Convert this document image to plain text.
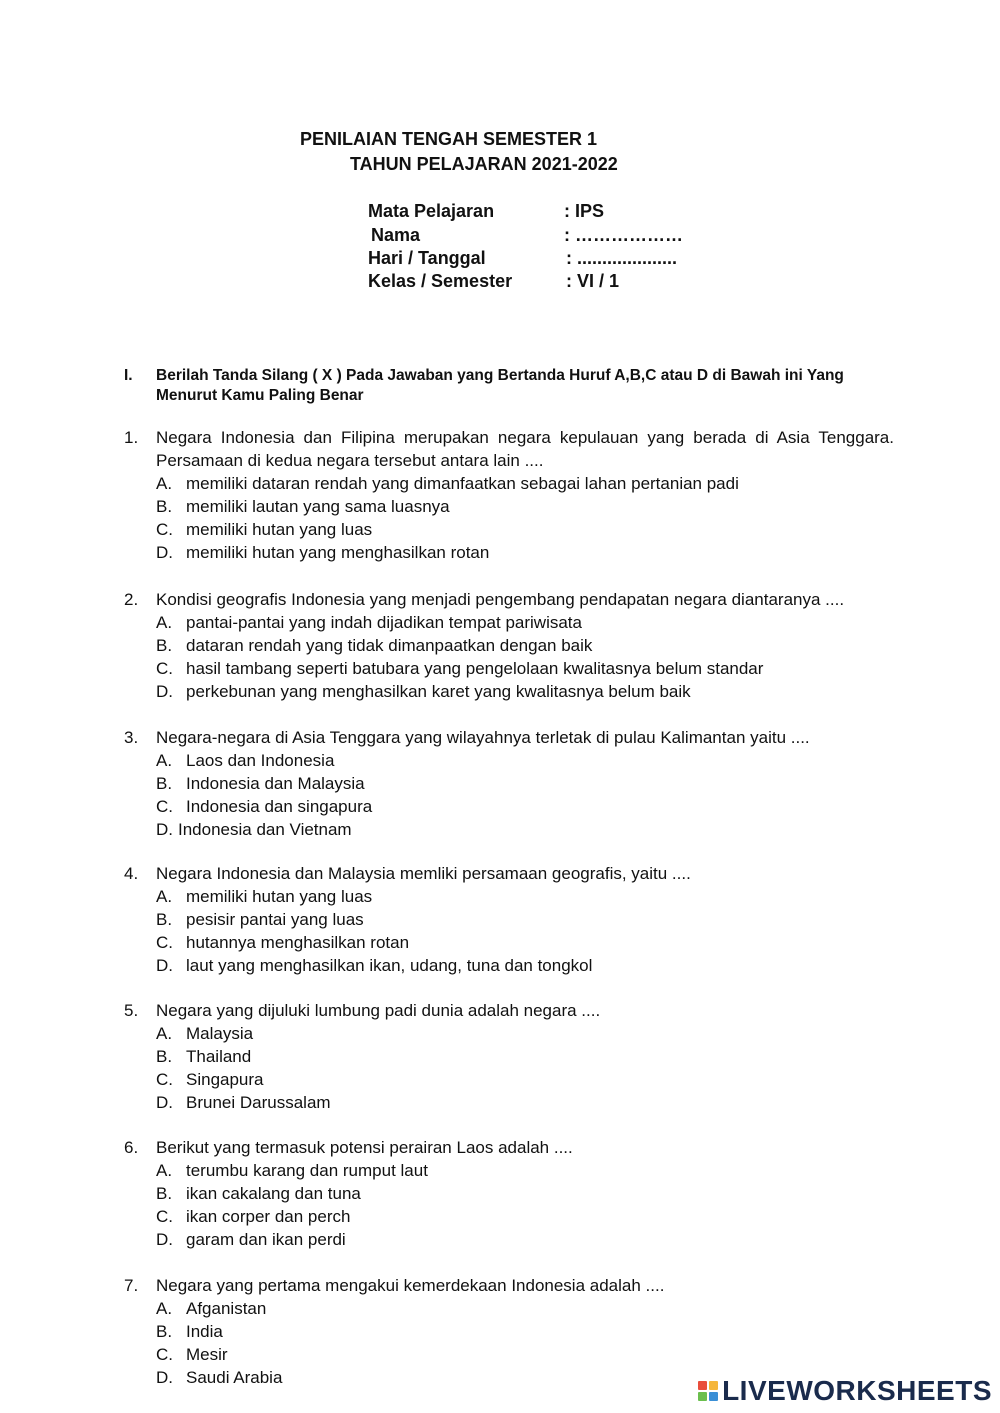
PENILAIAN TENGAH SEMESTER 1
TAHUN PELAJARAN 2021-2022
Mata Pelajaran	: IPS
Nama	: ………………
Hari / Tanggal	: ....................
Kelas / Semester	: VI / 1
I. Berilah Tanda Silang ( X ) Pada Jawaban yang Bertanda Huruf A,B,C atau D di Bawah ini Yang Menurut Kamu Paling Benar
1. Negara Indonesia dan Filipina merupakan negara kepulauan yang berada di Asia Tenggara. Persamaan di kedua negara tersebut antara lain ....
A. memiliki dataran rendah yang dimanfaatkan sebagai lahan pertanian padi
B. memiliki lautan yang sama luasnya
C. memiliki hutan yang luas
D. memiliki hutan yang menghasilkan rotan
2. Kondisi geografis Indonesia yang menjadi pengembang pendapatan negara diantaranya ....
A. pantai-pantai yang indah dijadikan tempat pariwisata
B. dataran rendah yang tidak dimanpaatkan dengan baik
C. hasil tambang seperti batubara yang pengelolaan kwalitasnya belum standar
D. perkebunan yang menghasilkan karet yang kwalitasnya belum baik
3. Negara-negara di Asia Tenggara yang wilayahnya terletak di pulau Kalimantan yaitu ....
A. Laos dan Indonesia
B. Indonesia dan Malaysia
C. Indonesia dan singapura
D. Indonesia dan Vietnam
4. Negara Indonesia dan Malaysia memliki persamaan geografis, yaitu ....
A. memiliki hutan yang luas
B. pesisir pantai yang luas
C. hutannya menghasilkan rotan
D. laut yang menghasilkan ikan, udang, tuna dan tongkol
5. Negara yang dijuluki lumbung padi dunia adalah negara ....
A. Malaysia
B. Thailand
C. Singapura
D. Brunei Darussalam
6. Berikut yang termasuk potensi perairan Laos adalah ....
A. terumbu karang dan rumput laut
B. ikan cakalang dan tuna
C. ikan corper dan perch
D. garam dan ikan perdi
7. Negara yang pertama mengakui kemerdekaan Indonesia adalah ....
A. Afganistan
B. India
C. Mesir
D. Saudi Arabia	LIVEWORKSHEETS
